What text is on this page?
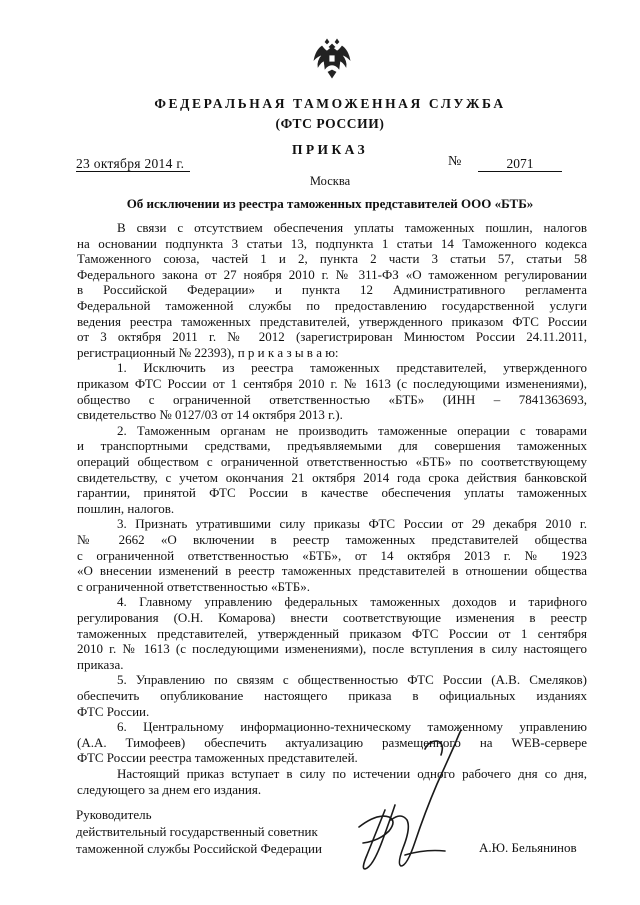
ФЕДЕРАЛЬНАЯ ТАМОЖЕННАЯ СЛУЖБА
(ФТС РОССИИ)
ПРИКАЗ
23 октября 2014 г.	№	2071
Москва
Об исключении из реестра таможенных представителей ООО «БТБ»
В связи с отсутствием обеспечения уплаты таможенных пошлин, налогов
на основании подпункта 3 статьи 13, подпункта 1 статьи 14 Таможенного кодекса
Таможенного союза, частей 1 и 2, пункта 2 части 3 статьи 57, статьи 58
Федерального закона от 27 ноября 2010 г. № 311-ФЗ «О таможенном регулировании
в Российской Федерации» и пункта 12 Административного регламента
Федеральной таможенной службы по предоставлению государственной услуги
ведения реестра таможенных представителей, утвержденного приказом ФТС России
от 3 октября 2011 г. № 2012 (зарегистрирован Минюстом России 24.11.2011,
регистрационный № 22393), п р и к а з ы в а ю:
1. Исключить из реестра таможенных представителей, утвержденного
приказом ФТС России от 1 сентября 2010 г. № 1613 (с последующими изменениями),
общество с ограниченной ответственностью «БТБ» (ИНН – 7841363693,
свидетельство № 0127/03 от 14 октября 2013 г.).
2. Таможенным органам не производить таможенные операции с товарами
и транспортными средствами, предъявляемыми для совершения таможенных
операций обществом с ограниченной ответственностью «БТБ» по соответствующему
свидетельству, с учетом окончания 21 октября 2014 года срока действия банковской
гарантии, принятой ФТС России в качестве обеспечения уплаты таможенных
пошлин, налогов.
3. Признать утратившими силу приказы ФТС России от 29 декабря 2010 г.
№ 2662 «О включении в реестр таможенных представителей общества
с ограниченной ответственностью «БТБ», от 14 октября 2013 г. № 1923
«О внесении изменений в реестр таможенных представителей в отношении общества
с ограниченной ответственностью «БТБ».
4. Главному управлению федеральных таможенных доходов и тарифного
регулирования (О.Н. Комарова) внести соответствующие изменения в реестр
таможенных представителей, утвержденный приказом ФТС России от 1 сентября
2010 г. № 1613 (с последующими изменениями), после вступления в силу настоящего
приказа.
5. Управлению по связям с общественностью ФТС России (А.В. Смеляков)
обеспечить опубликование настоящего приказа в официальных изданиях
ФТС России.
6. Центральному информационно-техническому таможенному управлению
(А.А. Тимофеев) обеспечить актуализацию размещенного на WEB-сервере
ФТС России реестра таможенных представителей.
Настоящий приказ вступает в силу по истечении одного рабочего дня со дня,
следующего за днем его издания.
Руководитель
действительный государственный советник
таможенной службы Российской Федерации	А.Ю. Бельянинов
